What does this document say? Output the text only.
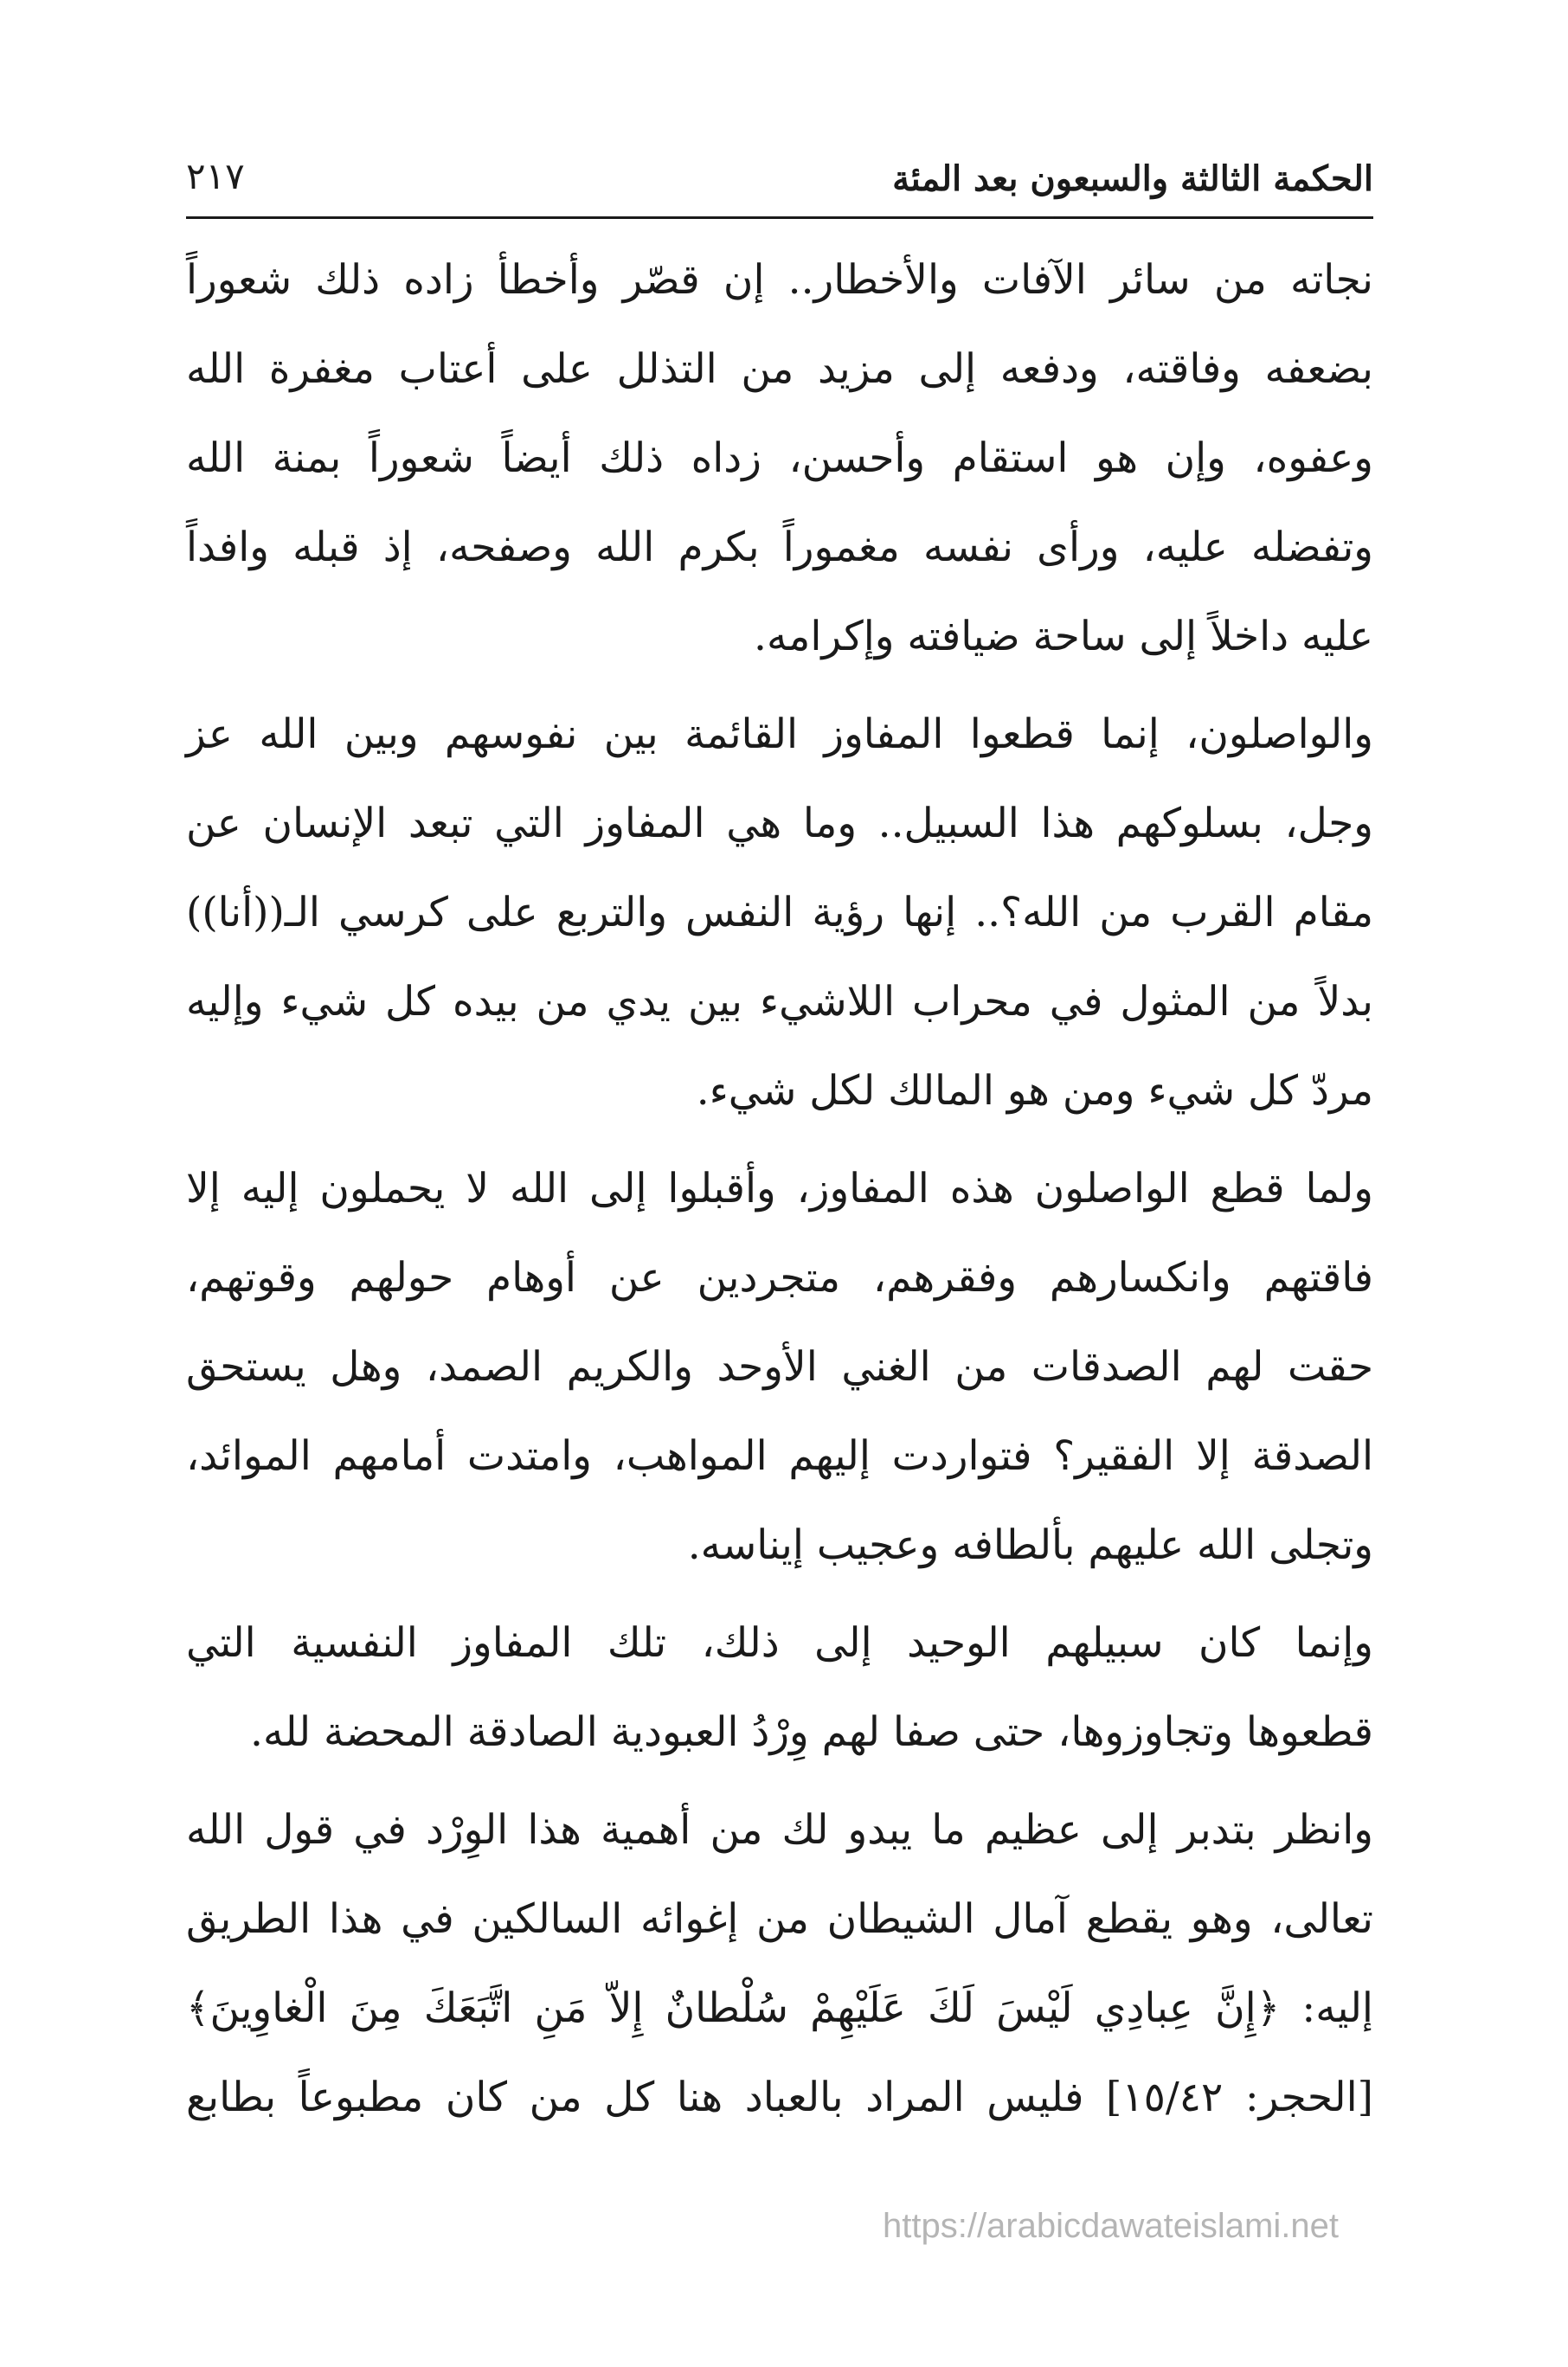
الحكمة الثالثة والسبعون بعد المئة
٢١٧
نجاته من سائر الآفات والأخطار.. إن قصّر وأخطأ زاده ذلك شعوراً
بضعفه وفاقته، ودفعه إلى مزيد من التذلل على أعتاب مغفرة الله
وعفوه، وإن هو استقام وأحسن، زداه ذلك أيضاً شعوراً بمنة الله
وتفضله عليه، ورأى نفسه مغموراً بكرم الله وصفحه، إذ قبله وافداً
عليه داخلاً إلى ساحة ضيافته وإكرامه.
والواصلون، إنما قطعوا المفاوز القائمة بين نفوسهم وبين الله عز
وجل، بسلوكهم هذا السبيل.. وما هي المفاوز التي تبعد الإنسان عن
مقام القرب من الله؟.. إنها رؤية النفس والتربع على كرسي الـ((أنا))
بدلاً من المثول في محراب اللاشيء بين يدي من بيده كل شيء وإليه
مردّ كل شيء ومن هو المالك لكل شيء.
ولما قطع الواصلون هذه المفاوز، وأقبلوا إلى الله لا يحملون إليه إلا
فاقتهم وانكسارهم وفقرهم، متجردين عن أوهام حولهم وقوتهم،
حقت لهم الصدقات من الغني الأوحد والكريم الصمد، وهل يستحق
الصدقة إلا الفقير؟ فتواردت إليهم المواهب، وامتدت أمامهم الموائد،
وتجلى الله عليهم بألطافه وعجيب إيناسه.
وإنما كان سبيلهم الوحيد إلى ذلك، تلك المفاوز النفسية التي
قطعوها وتجاوزوها، حتى صفا لهم وِرْدُ العبودية الصادقة المحضة لله.
وانظر بتدبر إلى عظيم ما يبدو لك من أهمية هذا الوِرْد في قول الله
تعالى، وهو يقطع آمال الشيطان من إغوائه السالكين في هذا الطريق
إليه: ﴿إِنَّ عِبادِي لَيْسَ لَكَ عَلَيْهِمْ سُلْطانٌ إِلاّ مَنِ اتَّبَعَكَ مِنَ الْغاوِينَ﴾
[الحجر: ١٥/٤٢] فليس المراد بالعباد هنا كل من كان مطبوعاً بطابع
https://arabicdawateislami.net
